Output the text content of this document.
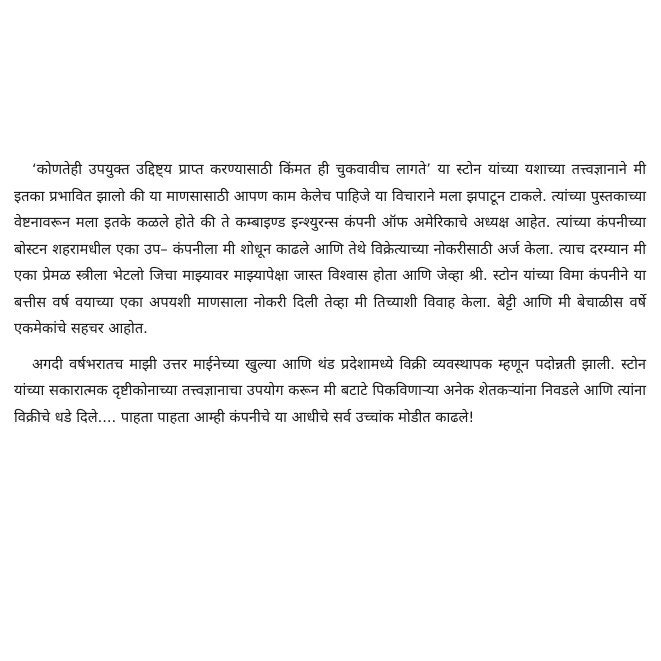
‘कोणतेही उपयुक्त उद्दिष्ट्य प्राप्त करण्यासाठी किंमत ही चुकवावीच लागते’ या स्टोन यांच्या यशाच्या तत्त्वज्ञानाने मी इतका प्रभावित झालो की या माणसासाठी आपण काम केलेच पाहिजे या विचाराने मला झपाटून टाकले. त्यांच्या पुस्तकाच्या वेष्टनावरून मला इतके कळले होते की ते कम्बाइण्ड इन्श्युरन्स कंपनी ऑफ अमेरिकाचे अध्यक्ष आहेत. त्यांच्या कंपनीच्या बोस्टन शहरामधील एका उप– कंपनीला मी शोधून काढले आणि तेथे विक्रेत्याच्या नोकरीसाठी अर्ज केला. त्याच दरम्यान मी एका प्रेमळ स्त्रीला भेटलो जिचा माझ्यावर माझ्यापेक्षा जास्त विश्वास होता आणि जेव्हा श्री. स्टोन यांच्या विमा कंपनीने या बत्तीस वर्ष वयाच्या एका अपयशी माणसाला नोकरी दिली तेव्हा मी तिच्याशी विवाह केला. बेट्टी आणि मी बेचाळीस वर्षे एकमेकांचे सहचर आहोत.

अगदी वर्षभरातच माझी उत्तर माईनेच्या खुल्या आणि थंड प्रदेशामध्ये विक्री व्यवस्थापक म्हणून पदोन्नती झाली. स्टोन यांच्या सकारात्मक दृष्टीकोनाच्या तत्त्वज्ञानाचा उपयोग करून मी बटाटे पिकविणाऱ्या अनेक शेतकऱ्यांना निवडले आणि त्यांना विक्रीचे धडे दिले.... पाहता पाहता आम्ही कंपनीचे या आधीचे सर्व उच्चांक मोडीत काढले!
